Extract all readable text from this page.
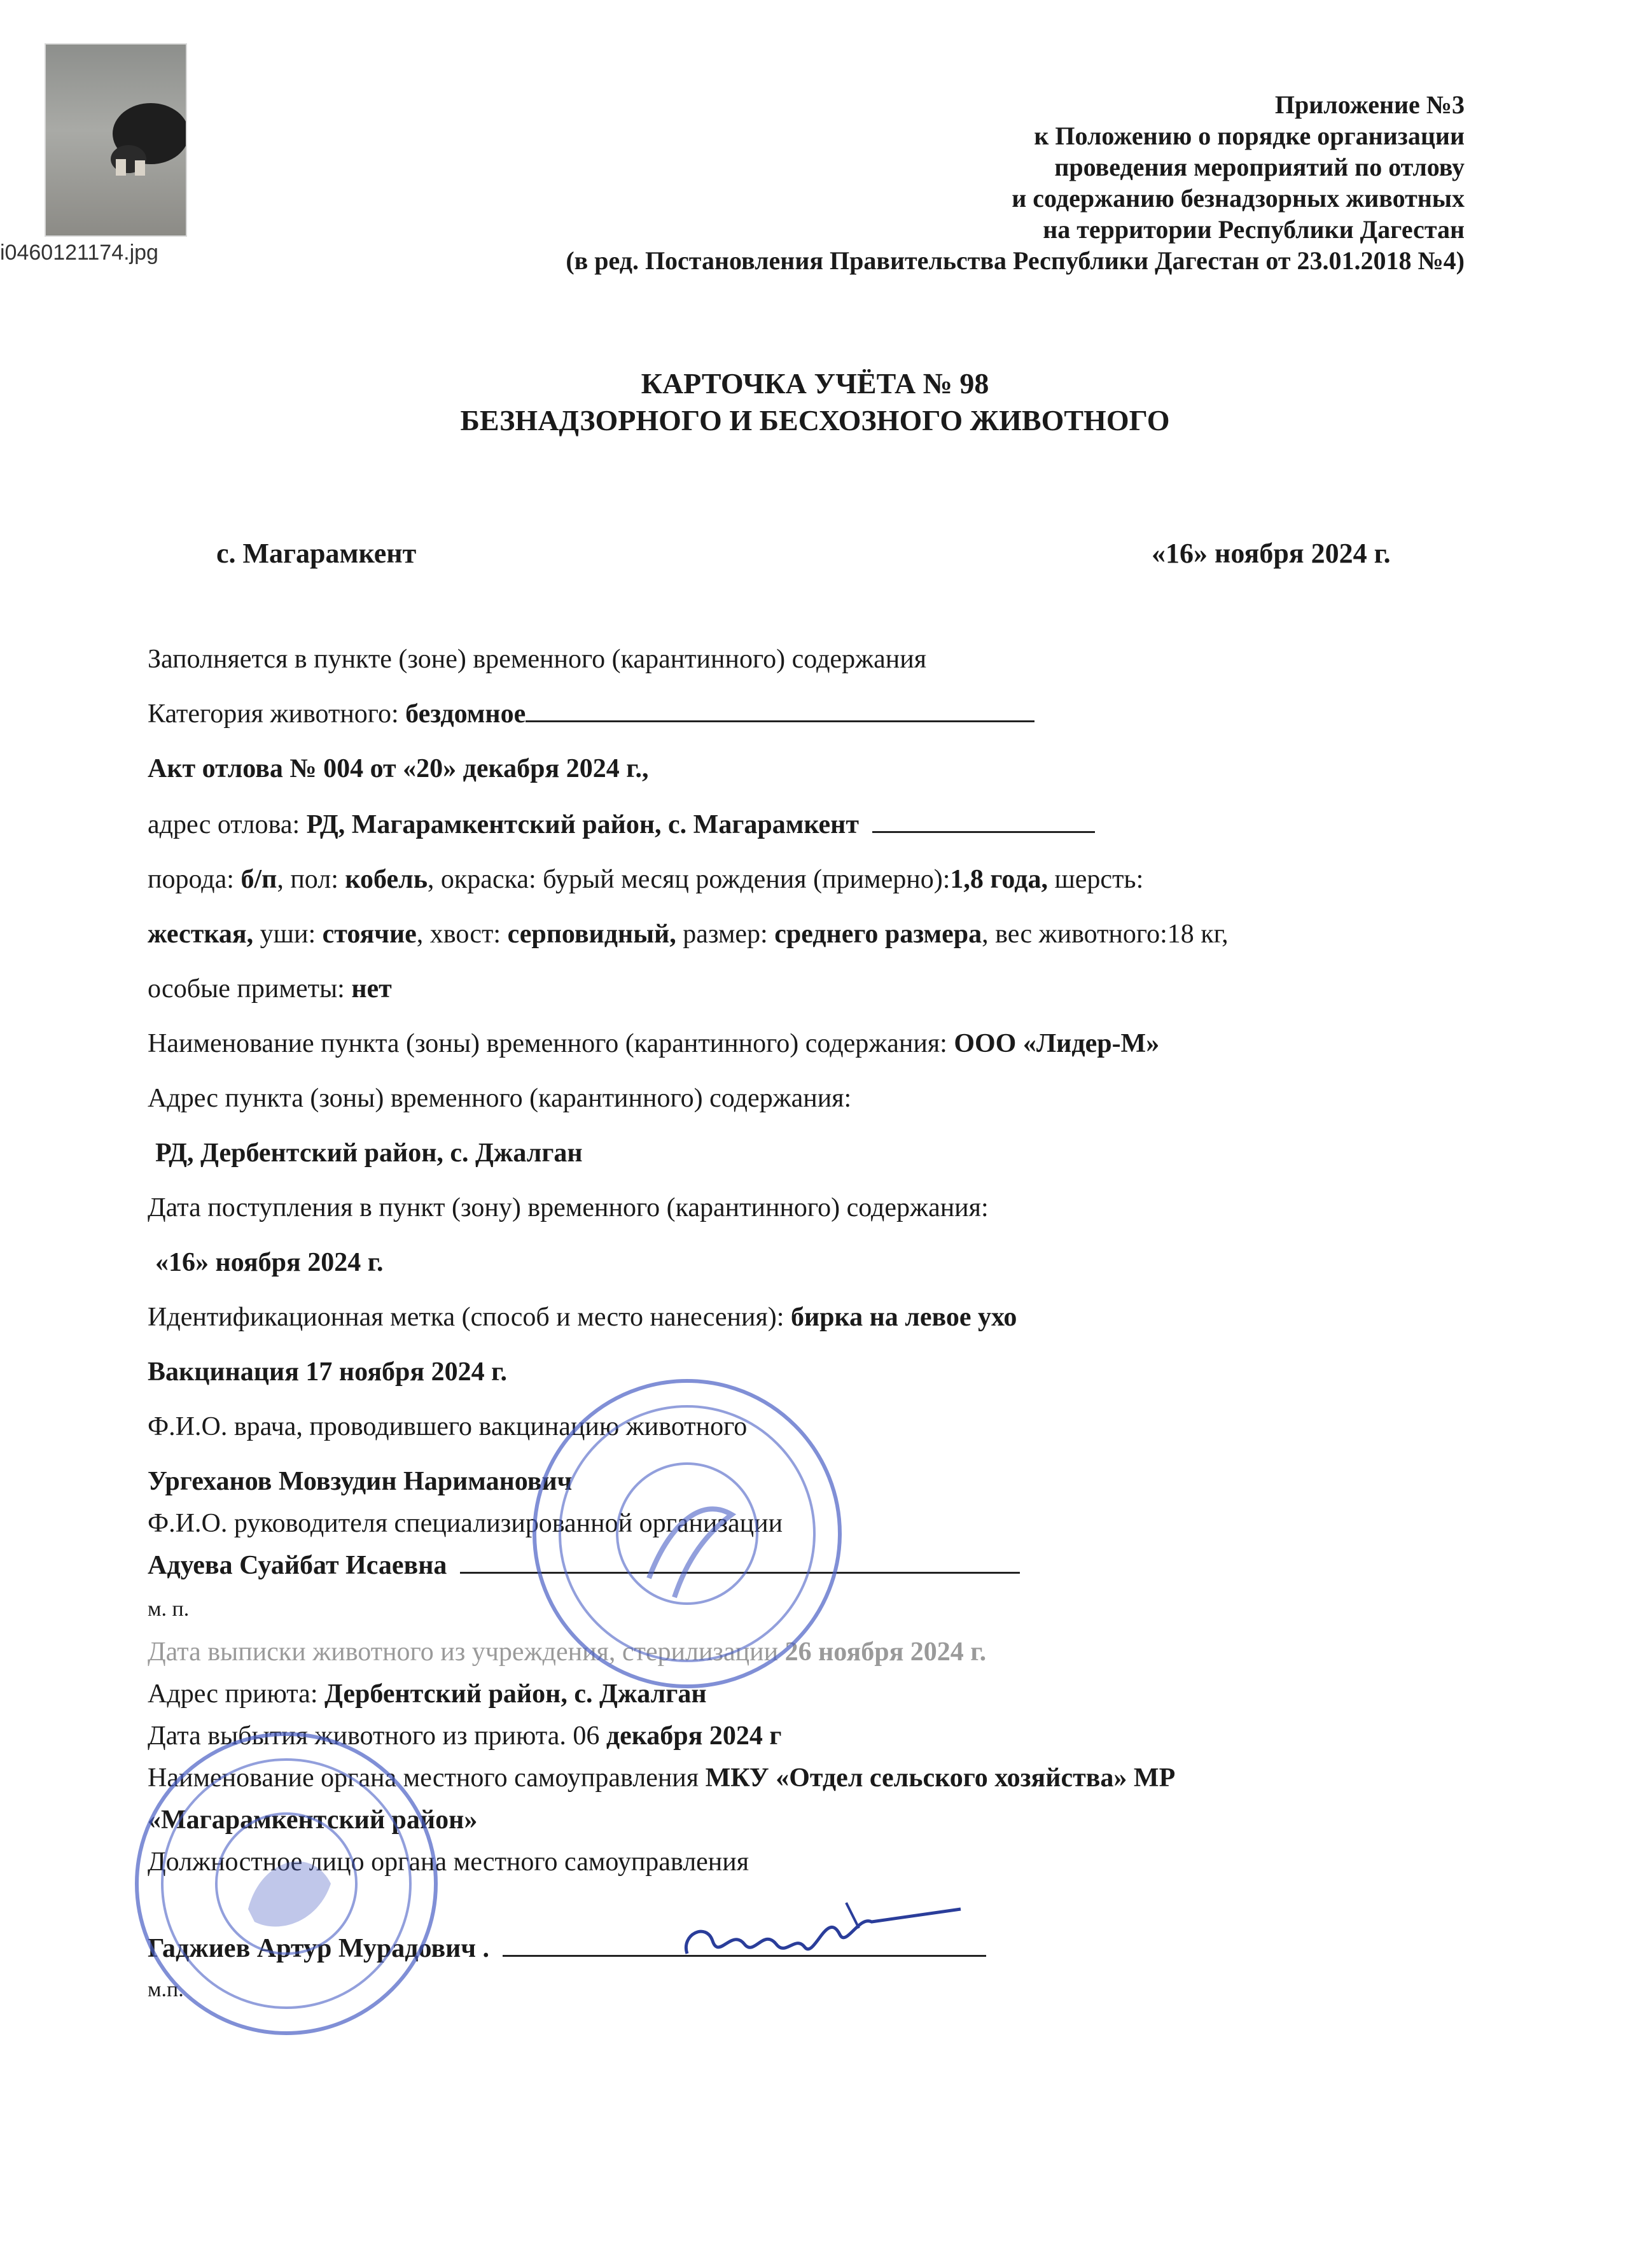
i0460121174.jpg
Приложение №3
к Положению о порядке организации
проведения мероприятий по отлову
и содержанию безнадзорных животных
на территории Республики Дагестан
(в ред. Постановления Правительства Республики Дагестан от 23.01.2018 №4)
КАРТОЧКА УЧЁТА № 98
БЕЗНАДЗОРНОГО И БЕСХОЗНОГО ЖИВОТНОГО
с. Магарамкент	«16» ноября 2024 г.
Заполняется в пункте (зоне) временного (карантинного) содержания
Категория животного: бездомное
Акт отлова № 004 от «20» декабря 2024 г.,
адрес отлова: РД, Магарамкентский район, с. Магарамкент
порода: б/п, пол: кобель, окраска: бурый месяц рождения (примерно):1,8 года, шерсть:
жесткая, уши: стоячие, хвост: серповидный, размер: среднего размера, вес животного:18 кг,
особые приметы: нет
Наименование пункта (зоны) временного (карантинного) содержания: ООО «Лидер-М»
Адрес пункта (зоны) временного (карантинного) содержания:
РД, Дербентский район, с. Джалган
Дата поступления в пункт (зону) временного (карантинного) содержания:
«16» ноября 2024 г.
Идентификационная метка (способ и место нанесения): бирка на левое ухо
Вакцинация 17 ноября 2024 г.
Ф.И.О. врача, проводившего вакцинацию животного
Ургеханов Мовзудин Нариманович
Ф.И.О. руководителя специализированной организации
Адуева Суайбат Исаевна
м. п.
Дата выписки животного из учреждения, стерилизации 26 ноября 2024 г.
Адрес приюта: Дербентский район, с. Джалган
Дата выбытия животного из приюта. 06 декабря 2024 г
Наименование органа местного самоуправления МКУ «Отдел сельского хозяйства» МР
«Магарамкентский район»
Должностное лицо органа местного самоуправления
Гаджиев Артур Мурадович .
м.п.
